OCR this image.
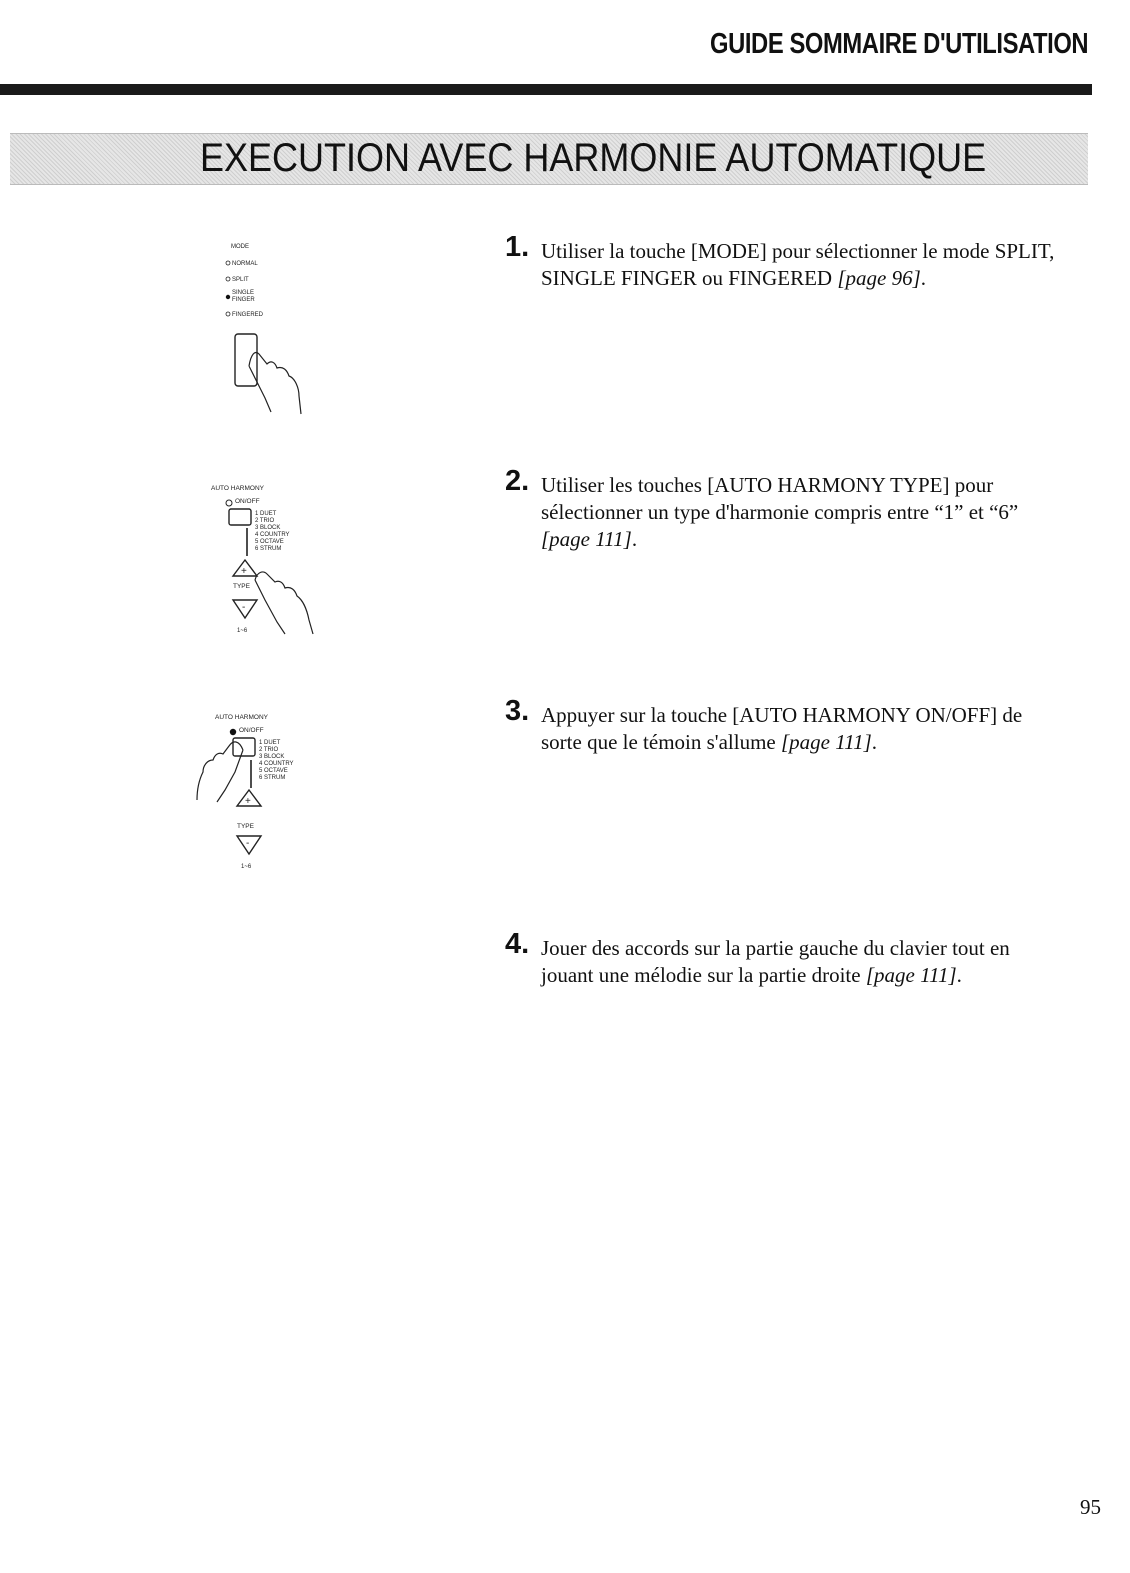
GUIDE SOMMAIRE D'UTILISATION
EXECUTION AVEC HARMONIE AUTOMATIQUE
MODE
NORMAL
SPLIT
SINGLE
FINGER
FINGERED
AUTO HARMONY
ON/OFF
1 DUET
2 TRIO
3 BLOCK
4 COUNTRY
5 OCTAVE
6 STRUM
+
TYPE
-
1~6
AUTO HARMONY
ON/OFF
1 DUET
2 TRIO
3 BLOCK
4 COUNTRY
5 OCTAVE
6 STRUM
+
TYPE
-
1~6
1. Utiliser la touche [MODE] pour sélectionner le mode SPLIT, SINGLE FINGER ou FINGERED [page 96].
2. Utiliser les touches [AUTO HARMONY TYPE] pour sélectionner un type d'harmonie compris entre “1” et “6” [page 111].
3. Appuyer sur la touche [AUTO HARMONY ON/OFF] de sorte que le témoin s'allume [page 111].
4. Jouer des accords sur la partie gauche du clavier tout en jouant une mélodie sur la partie droite [page 111].
95
